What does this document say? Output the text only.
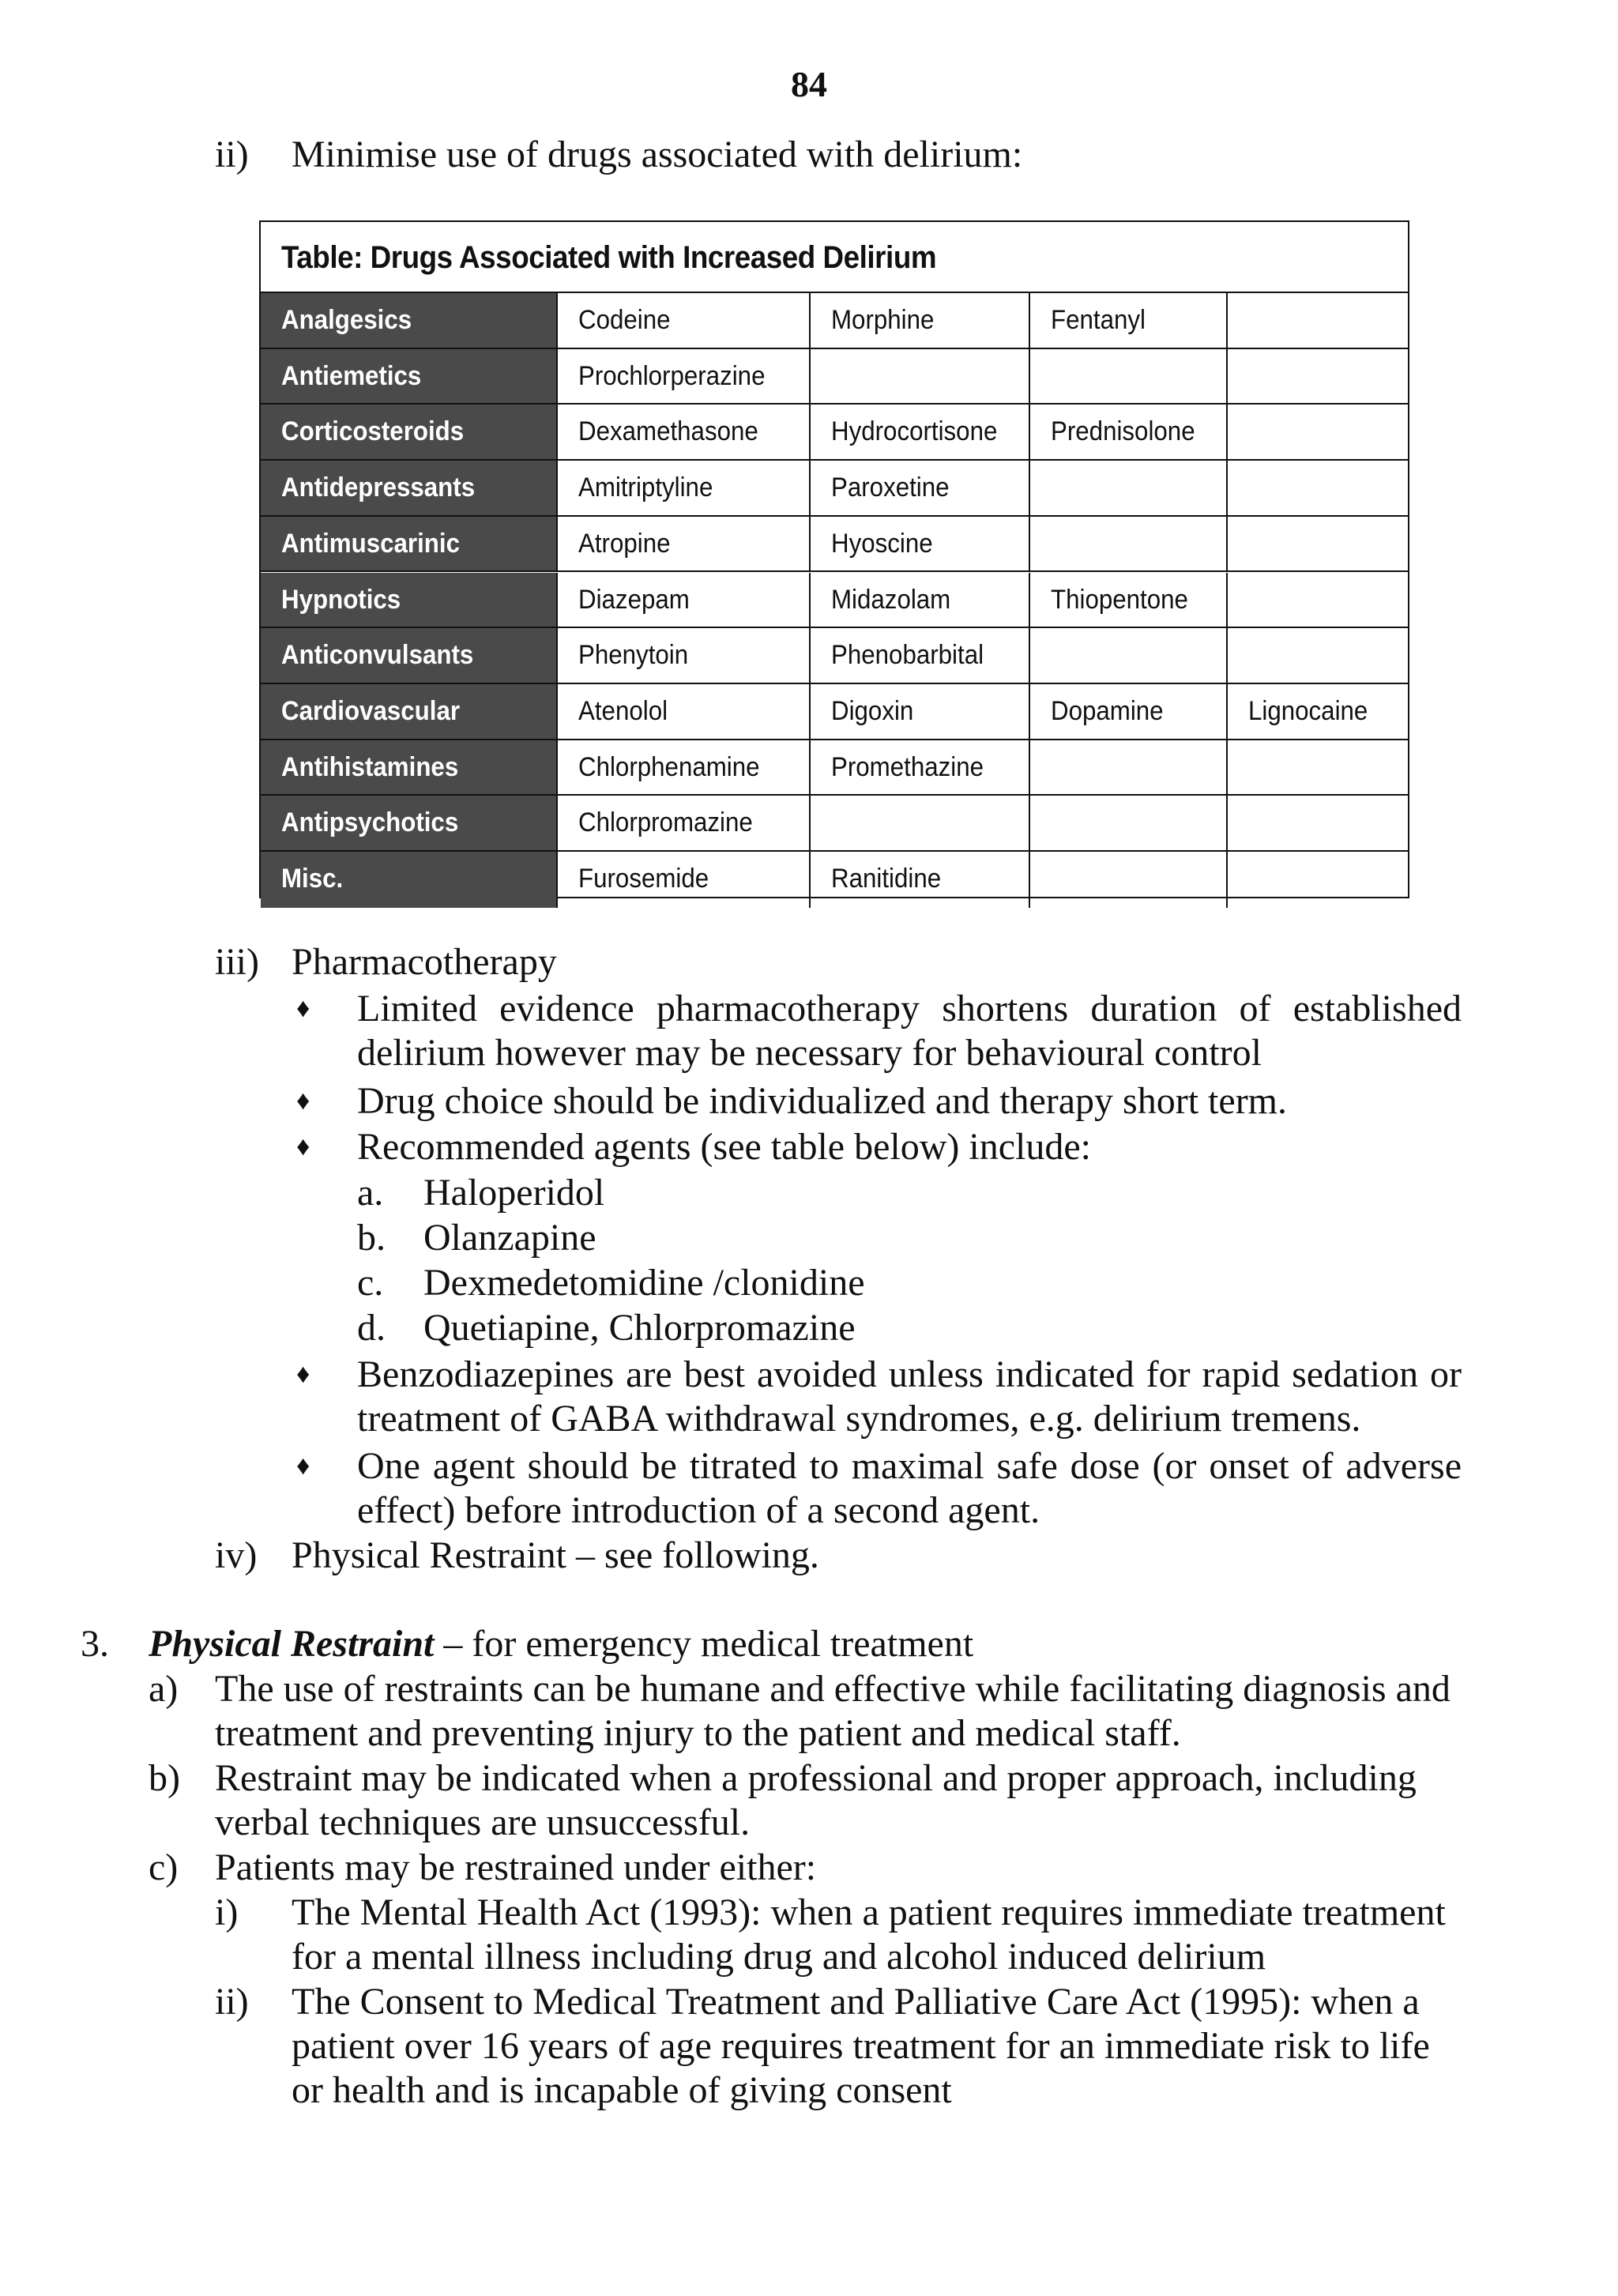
84
ii) Minimise use of drugs associated with delirium:
Table: Drugs Associated with Increased Delirium
Analgesics	Codeine	Morphine	Fentanyl
Antiemetics	Prochlorperazine
Corticosteroids	Dexamethasone	Hydrocortisone	Prednisolone
Antidepressants	Amitriptyline	Paroxetine
Antimuscarinic	Atropine	Hyoscine
Hypnotics	Diazepam	Midazolam	Thiopentone
Anticonvulsants	Phenytoin	Phenobarbital
Cardiovascular	Atenolol	Digoxin	Dopamine	Lignocaine
Antihistamines	Chlorphenamine	Promethazine
Antipsychotics	Chlorpromazine
Misc.	Furosemide	Ranitidine
iii) Pharmacotherapy
♦ Limited evidence pharmacotherapy shortens duration of established
delirium however may be necessary for behavioural control
♦ Drug choice should be individualized and therapy short term.
♦ Recommended agents (see table below) include:
a. Haloperidol
b. Olanzapine
c. Dexmedetomidine /clonidine
d. Quetiapine, Chlorpromazine
♦ Benzodiazepines are best avoided unless indicated for rapid sedation or
treatment of GABA withdrawal syndromes, e.g. delirium tremens.
♦ One agent should be titrated to maximal safe dose (or onset of adverse
effect) before introduction of a second agent.
iv) Physical Restraint – see following.
3. Physical Restraint – for emergency medical treatment
a) The use of restraints can be humane and effective while facilitating diagnosis and
treatment and preventing injury to the patient and medical staff.
b) Restraint may be indicated when a professional and proper approach, including
verbal techniques are unsuccessful.
c) Patients may be restrained under either:
i) The Mental Health Act (1993): when a patient requires immediate treatment
for a mental illness including drug and alcohol induced delirium
ii) The Consent to Medical Treatment and Palliative Care Act (1995): when a
patient over 16 years of age requires treatment for an immediate risk to life
or health and is incapable of giving consent
